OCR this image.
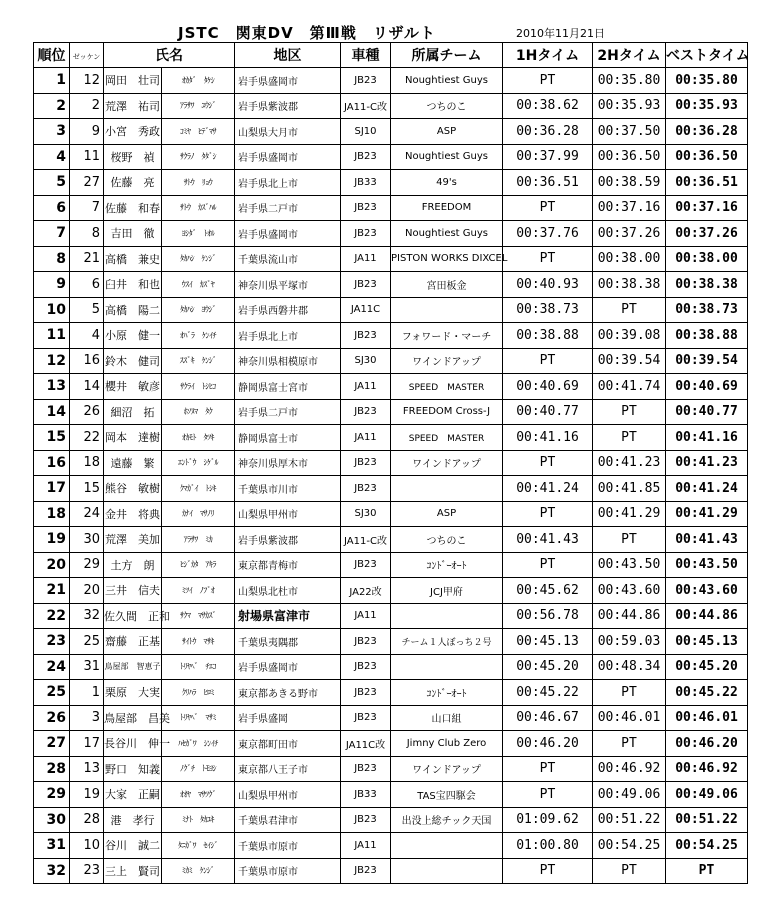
JSTC　関東DV　第Ⅲ戦　リザルト	2010年11月21日
順位	ゼッケン	氏名		地区	車種	所属チーム	1Hタイム	2Hタイム	ベストタイム
1	12	岡田　壮司	ｵｶﾀﾞ　ﾀｹｼ	岩手県盛岡市	JB23	Noughtiest Guys	PT	00:35.80	00:35.80
2	2	荒澤　祐司	ｱﾗｻﾜ　ﾕｳｼﾞ	岩手県紫波郡	JA11-C改	つちのこ	00:38.62	00:35.93	00:35.93
3	9	小宮　秀政	ｺﾐﾔ　ﾋﾃﾞﾏｻ	山梨県大月市	SJ10	ASP	00:36.28	00:37.50	00:36.28
4	11	桜野　禎	ｻｸﾗﾉ　ﾀﾀﾞｼ	岩手県盛岡市	JB23	Noughtiest Guys	00:37.99	00:36.50	00:36.50
5	27	佐藤　亮	ｻﾄｳ　ﾘｮｳ	岩手県北上市	JB33	49's	00:36.51	00:38.59	00:36.51
6	7	佐藤　和春	ｻﾄｳ　ｶｽﾞﾊﾙ	岩手県二戸市	JB23	FREEDOM	PT	00:37.16	00:37.16
7	8	吉田　徹	ﾖｼﾀﾞ　ﾄｵﾙ	岩手県盛岡市	JB23	Noughtiest Guys	00:37.76	00:37.26	00:37.26
8	21	高橋　兼史	ﾀｶﾊｼ　ｹﾝｼﾞ	千葉県流山市	JA11	PISTON WORKS DIXCEL	PT	00:38.00	00:38.00
9	6	臼井　和也	ｳｽｲ　ｶｽﾞﾔ	神奈川県平塚市	JB23	宮田板金	00:40.93	00:38.38	00:38.38
10	5	高橋　陽二	ﾀｶﾊｼ　ﾖｳｼﾞ	岩手県西磐井郡	JA11C		00:38.73	PT	00:38.73
11	4	小原　健一	ｵﾊﾞﾗ　ｹﾝｲﾁ	岩手県北上市	JB23	フォワード・マーチ	00:38.88	00:39.08	00:38.88
12	16	鈴木　健司	ｽｽﾞｷ　ｹﾝｼﾞ	神奈川県相模原市	SJ30	ワインドアップ	PT	00:39.54	00:39.54
13	14	櫻井　敏彦	ｻｸﾗｲ　ﾄｼﾋｺ	静岡県富士宮市	JA11	SPEED　MASTER	00:40.69	00:41.74	00:40.69
14	26	細沼　拓	ﾎｿﾇﾏ　ﾀｸ	岩手県二戸市	JB23	FREEDOM Cross-J	00:40.77	PT	00:40.77
15	22	岡本　達樹	ｵｶﾓﾄ　ﾀﾂｷ	静岡県富士市	JA11	SPEED　MASTER	00:41.16	PT	00:41.16
16	18	遠藤　繁	ｴﾝﾄﾞｳ　ｼｹﾞﾙ	神奈川県厚木市	JB23	ワインドアップ	PT	00:41.23	00:41.23
17	15	熊谷　敏樹	ｸﾏｶﾞｲ　ﾄｼｷ	千葉県市川市	JB23		00:41.24	00:41.85	00:41.24
18	24	金井　将典	ｶﾅｲ　ﾏｻﾉﾘ	山梨県甲州市	SJ30	ASP	PT	00:41.29	00:41.29
19	30	荒澤　美加	ｱﾗｻﾜ　ﾐｶ	岩手県紫波郡	JA11-C改	つちのこ	00:41.43	PT	00:41.43
20	29	土方　朗	ﾋｼﾞｶﾀ　ｱｷﾗ	東京都青梅市	JB23	ｺﾝﾄﾞｰｵｰﾄ	PT	00:43.50	00:43.50
21	20	三井　信夫	ﾐﾂｲ　ﾉﾌﾞｵ	山梨県北杜市	JA22改	JCJ甲府	00:45.62	00:43.60	00:43.60
22	32	佐久間　正和	ｻｸﾏ　ﾏｻｶｽﾞ	射場県富津市	JA11		00:56.78	00:44.86	00:44.86
23	25	齋藤　正基	ｻｲﾄｳ　ﾏｻｷ	千葉県夷隅郡	JB23	チーム１人ぼっち２号	00:45.13	00:59.03	00:45.13
24	31	鳥屋部　智恵子	ﾄﾘﾔﾍﾞ　ﾁｴｺ	岩手県盛岡市	JB23		00:45.20	00:48.34	00:45.20
25	1	栗原　大実	ｸﾘﾊﾗ　ﾋﾛﾐ	東京都あきる野市	JB23	ｺﾝﾄﾞｰｵｰﾄ	00:45.22	PT	00:45.22
26	3	鳥屋部　昌美	ﾄﾘﾔﾍﾞ　ﾏｻﾐ	岩手県盛岡	JB23	山口組	00:46.67	00:46.01	00:46.01
27	17	長谷川　伸一	ﾊｾｶﾞﾜ　ｼﾝｲﾁ	東京都町田市	JA11C改	Jimny Club Zero	00:46.20	PT	00:46.20
28	13	野口　知義	ﾉｸﾞﾁ　ﾄﾓﾖｼ	東京都八王子市	JB23	ワインドアップ	PT	00:46.92	00:46.92
29	19	大家　正嗣	ｵｵﾔ　ﾏｻﾂｸﾞ	山梨県甲州市	JB33	TAS宝四駆会	PT	00:49.06	00:49.06
30	28	港　孝行	ﾐﾅﾄ　ﾀｶﾕｷ	千葉県君津市	JB23	出没上総チック天国	01:09.62	00:51.22	00:51.22
31	10	谷川　誠二	ﾀﾆｶﾞﾜ　ｾｲｼﾞ	千葉県市原市	JA11		01:00.80	00:54.25	00:54.25
32	23	三上　賢司	ﾐｶﾐ　ｹﾝｼﾞ	千葉県市原市	JB23		PT	PT	PT
